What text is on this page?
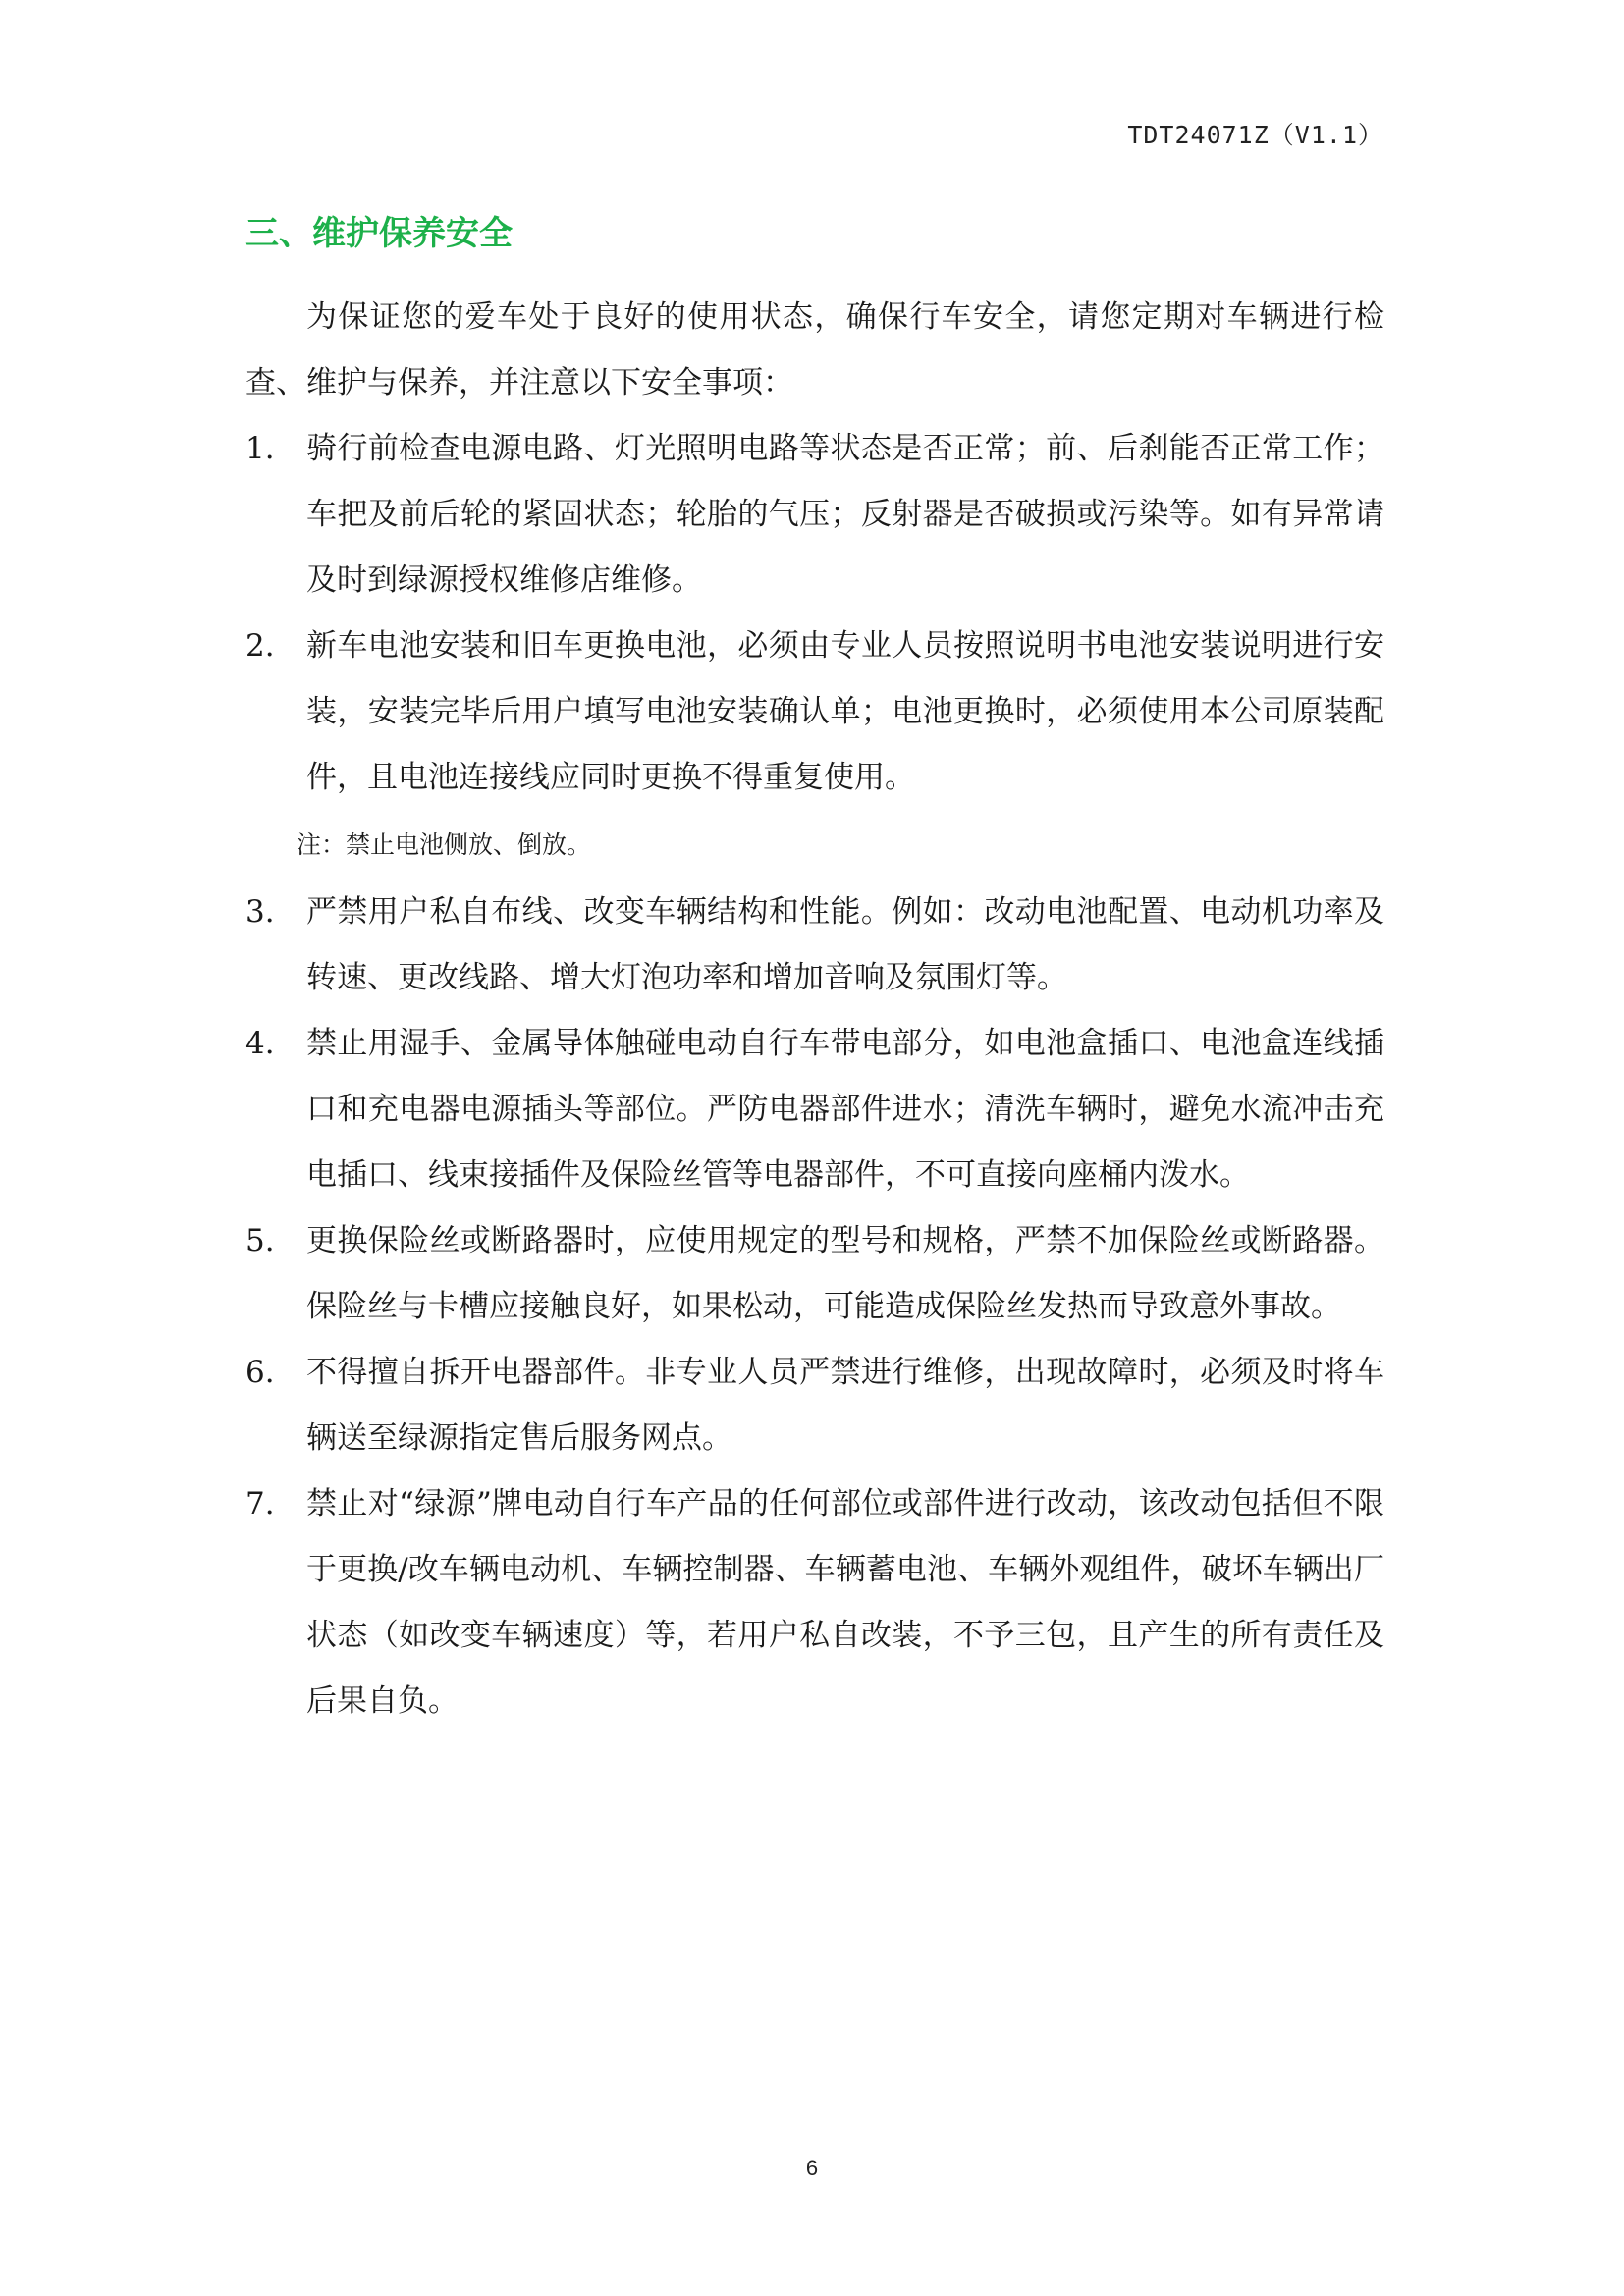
TDT24071Z（V1.1）
三、维护保养安全

为保证您的爱车处于良好的使用状态，确保行车安全，请您定期对车辆进行检查、维护与保养，并注意以下安全事项：

1. 骑行前检查电源电路、灯光照明电路等状态是否正常；前、后刹能否正常工作；车把及前后轮的紧固状态；轮胎的气压；反射器是否破损或污染等。如有异常请及时到绿源授权维修店维修。
2. 新车电池安装和旧车更换电池，必须由专业人员按照说明书电池安装说明进行安装，安装完毕后用户填写电池安装确认单；电池更换时，必须使用本公司原装配件，且电池连接线应同时更换不得重复使用。
注：禁止电池侧放、倒放。
3. 严禁用户私自布线、改变车辆结构和性能。例如：改动电池配置、电动机功率及转速、更改线路、增大灯泡功率和增加音响及氛围灯等。
4. 禁止用湿手、金属导体触碰电动自行车带电部分，如电池盒插口、电池盒连线插口和充电器电源插头等部位。严防电器部件进水；清洗车辆时，避免水流冲击充电插口、线束接插件及保险丝管等电器部件，不可直接向座桶内泼水。
5. 更换保险丝或断路器时，应使用规定的型号和规格，严禁不加保险丝或断路器。保险丝与卡槽应接触良好，如果松动，可能造成保险丝发热而导致意外事故。
6. 不得擅自拆开电器部件。非专业人员严禁进行维修，出现故障时，必须及时将车辆送至绿源指定售后服务网点。
7. 禁止对“绿源”牌电动自行车产品的任何部位或部件进行改动，该改动包括但不限于更换/改车辆电动机、车辆控制器、车辆蓄电池、车辆外观组件，破坏车辆出厂状态（如改变车辆速度）等，若用户私自改装，不予三包，且产生的所有责任及后果自负。
6
